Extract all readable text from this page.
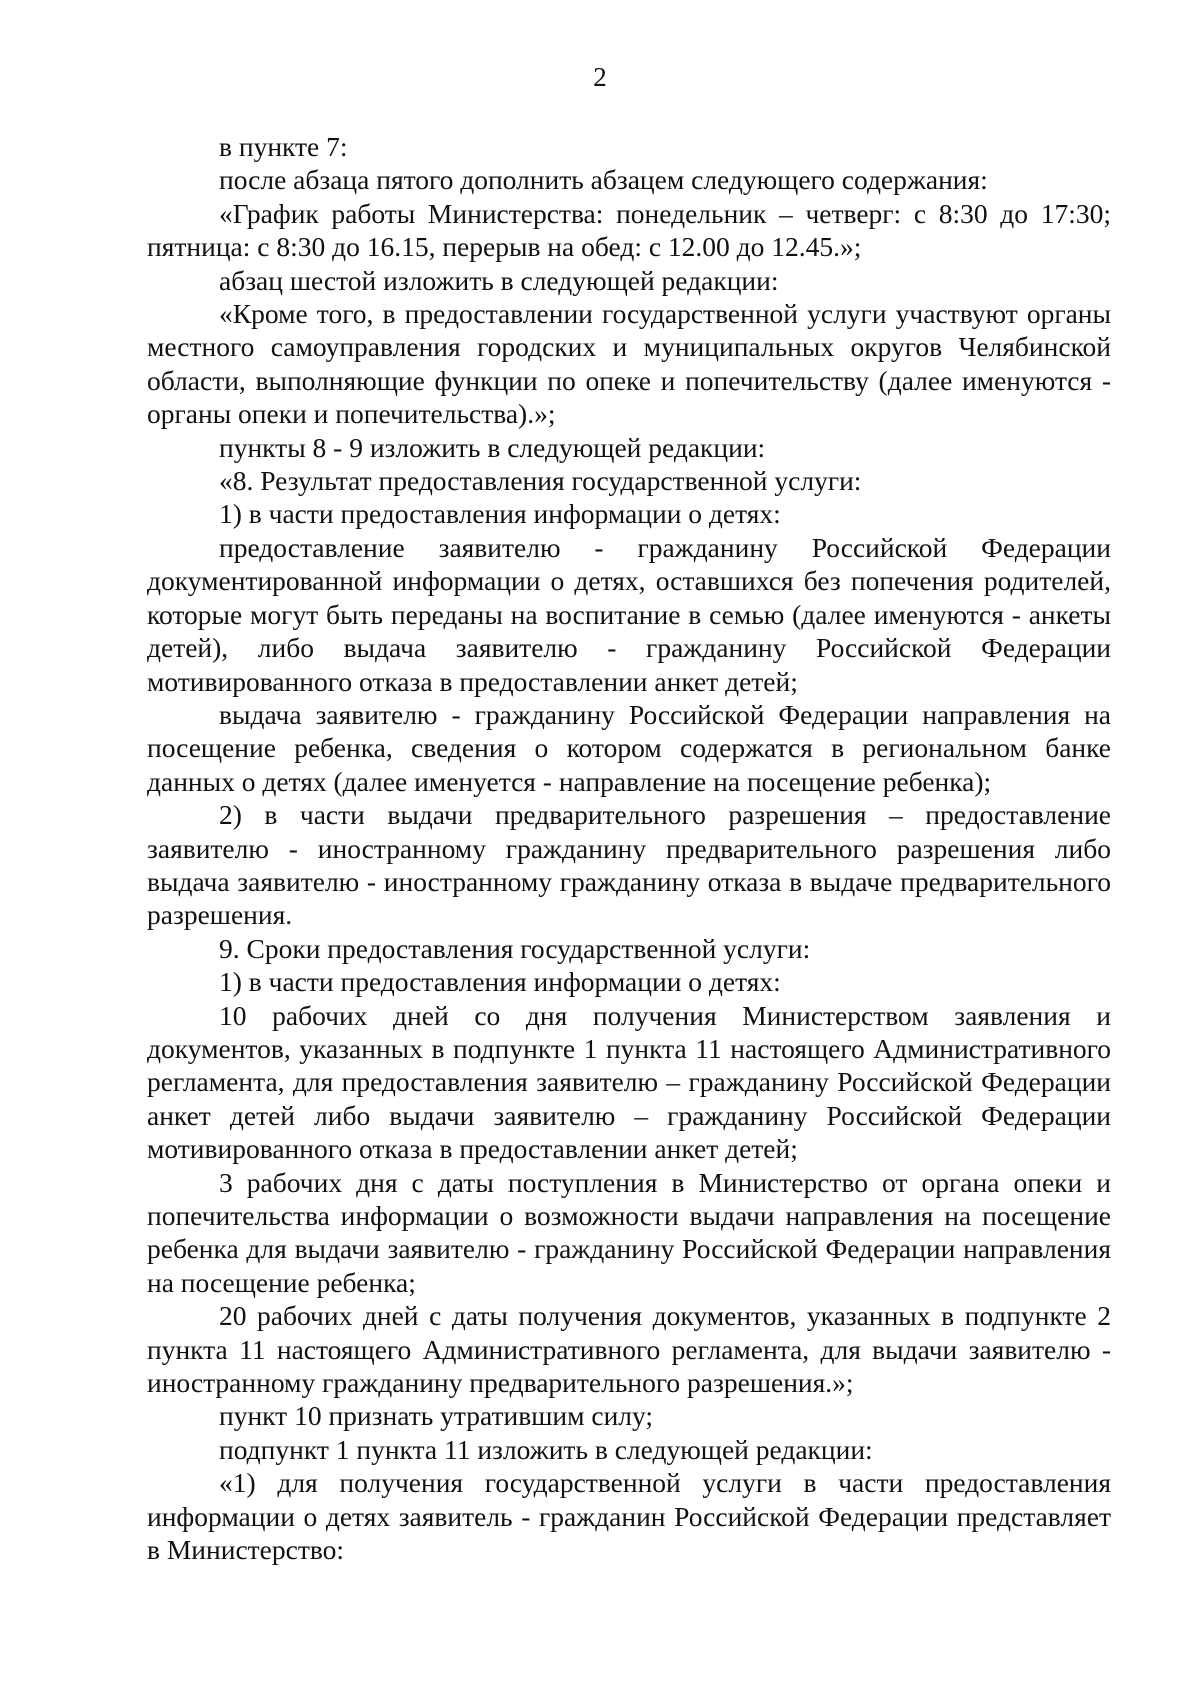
2

в пункте 7:

после абзаца пятого дополнить абзацем следующего содержания:

«График работы Министерства: понедельник – четверг: с 8:30 до 17:30; пятница: с 8:30 до 16.15, перерыв на обед: с 12.00 до 12.45.»;

абзац шестой изложить в следующей редакции:

«Кроме того, в предоставлении государственной услуги участвуют органы местного самоуправления городских и муниципальных округов Челябинской области, выполняющие функции по опеке и попечительству (далее именуются - органы опеки и попечительства).»;

пункты 8 - 9 изложить в следующей редакции:

«8. Результат предоставления государственной услуги:

1) в части предоставления информации о детях:

предоставление заявителю - гражданину Российской Федерации документированной информации о детях, оставшихся без попечения родителей, которые могут быть переданы на воспитание в семью (далее именуются - анкеты детей), либо выдача заявителю - гражданину Российской Федерации мотивированного отказа в предоставлении анкет детей;

выдача заявителю - гражданину Российской Федерации направления на посещение ребенка, сведения о котором содержатся в региональном банке данных о детях (далее именуется - направление на посещение ребенка);

2) в части выдачи предварительного разрешения – предоставление заявителю - иностранному гражданину предварительного разрешения либо выдача заявителю - иностранному гражданину отказа в выдаче предварительного разрешения.

9. Сроки предоставления государственной услуги:

1) в части предоставления информации о детях:

10 рабочих дней со дня получения Министерством заявления и документов, указанных в подпункте 1 пункта 11 настоящего Административного регламента, для предоставления заявителю – гражданину Российской Федерации анкет детей либо выдачи заявителю – гражданину Российской Федерации мотивированного отказа в предоставлении анкет детей;

3 рабочих дня с даты поступления в Министерство от органа опеки и попечительства информации о возможности выдачи направления на посещение ребенка для выдачи заявителю - гражданину Российской Федерации направления на посещение ребенка;

20 рабочих дней с даты получения документов, указанных в подпункте 2 пункта 11 настоящего Административного регламента, для выдачи заявителю - иностранному гражданину предварительного разрешения.»;

пункт 10 признать утратившим силу;

подпункт 1 пункта 11 изложить в следующей редакции:

«1) для получения государственной услуги в части предоставления информации о детях заявитель - гражданин Российской Федерации представляет в Министерство:
